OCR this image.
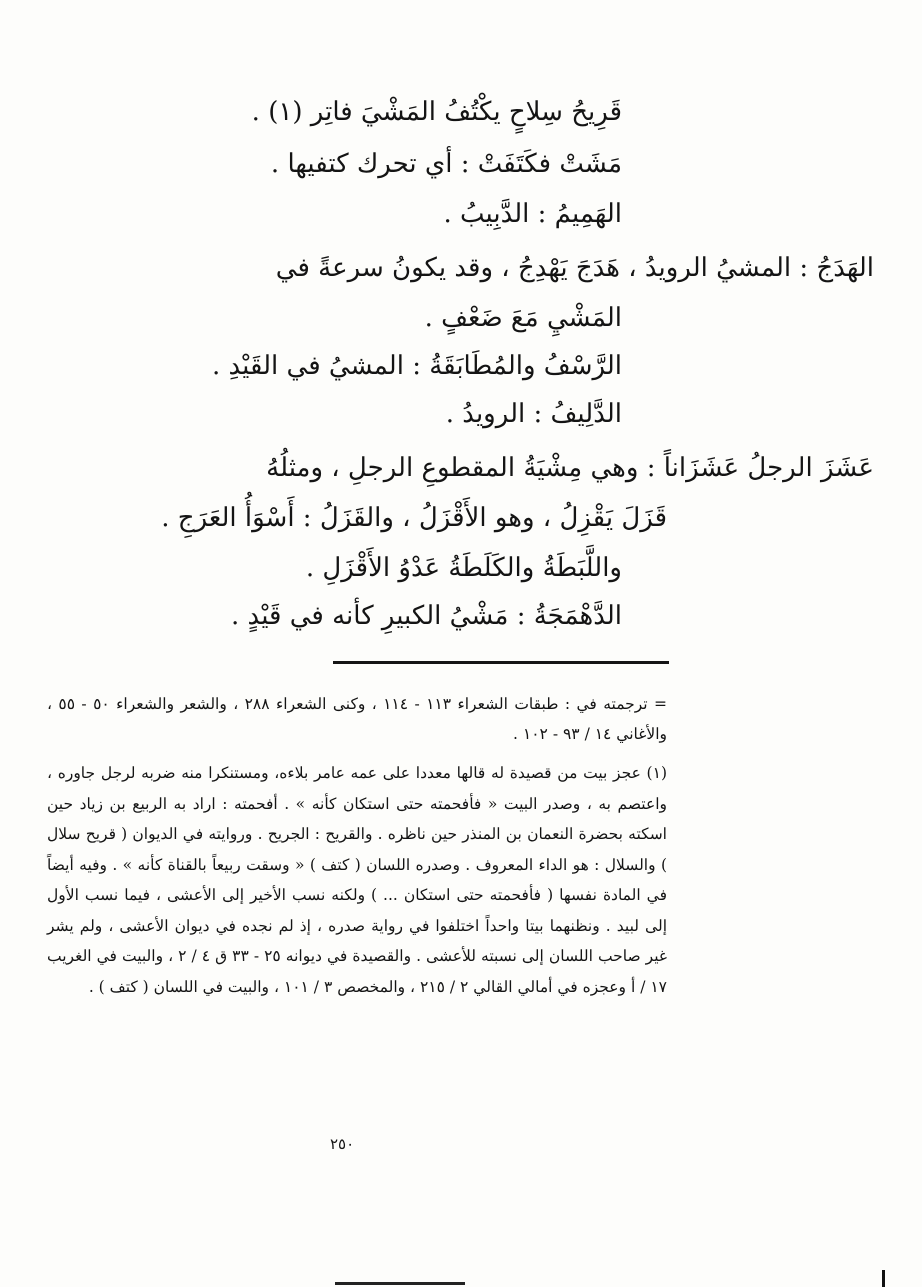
قَرِيحُ سِلاحٍ يكْتُفُ المَشْيَ فاتِر (١) .
مَشَتْ فكَتَفَتْ : أي تحرك كتفيها .
الهَمِيمُ : الدَّبِيبُ .
الهَدَجُ : المشيُ الرويدُ ، هَدَجَ يَهْدِجُ ، وقد يكونُ سرعةً في
المَشْيِ مَعَ ضَعْفٍ .
الرَّسْفُ والمُطَابَقَةُ : المشيُ في القَيْدِ .
الدَّلِيفُ : الرويدُ .
عَشَزَ الرجلُ عَشَزَاناً : وهي مِشْيَةُ المقطوعِ الرجلِ ، ومثلُهُ
قَزَلَ يَقْزِلُ ، وهو الأَقْزَلُ ، والقَزَلُ : أَسْوَأُ العَرَجِ .
واللَّبَطَةُ والكَلَطَةُ عَدْوُ الأَقْزَلِ .
الدَّهْمَجَةُ : مَشْيُ الكبيرِ كأنه في قَيْدٍ .
= ترجمته في : طبقات الشعراء ١١٣ - ١١٤ ، وكنى الشعراء ٢٨٨ ، والشعر والشعراء ٥٠ - ٥٥ ، والأغاني ١٤ / ٩٣ - ١٠٢ .
(١) عجز بيت من قصيدة له قالها معددا على عمه عامر بلاءه، ومستنكرا منه ضربه لرجل جاوره ، واعتصم به ، وصدر البيت « فأفحمته حتى استكان كأنه » . أفحمته : اراد به الربيع بن زياد حين اسكته بحضرة النعمان بن المنذر حين ناظره . والقريح : الجريح . وروايته في الديوان ( قريح سلال ) والسلال : هو الداء المعروف . وصدره اللسان ( كتف ) « وسقت ربيعاً بالقناة كأنه » . وفيه أيضاً في المادة نفسها ( فأفحمته حتى استكان ... ) ولكنه نسب الأخير إلى الأعشى ، فيما نسب الأول إلى لبيد . ونظنهما بيتا واحداً اختلفوا في رواية صدره ، إذ لم نجده في ديوان الأعشى ، ولم يشر غير صاحب اللسان إلى نسبته للأعشى . والقصيدة في ديوانه ٢٥ - ٣٣ ق ٤ / ٢ ، والبيت في الغريب ١٧ / أ وعجزه في أمالي القالي ٢ / ٢١٥ ، والمخصص ٣ / ١٠١ ، والبيت في اللسان ( كتف ) .
٢٥٠
